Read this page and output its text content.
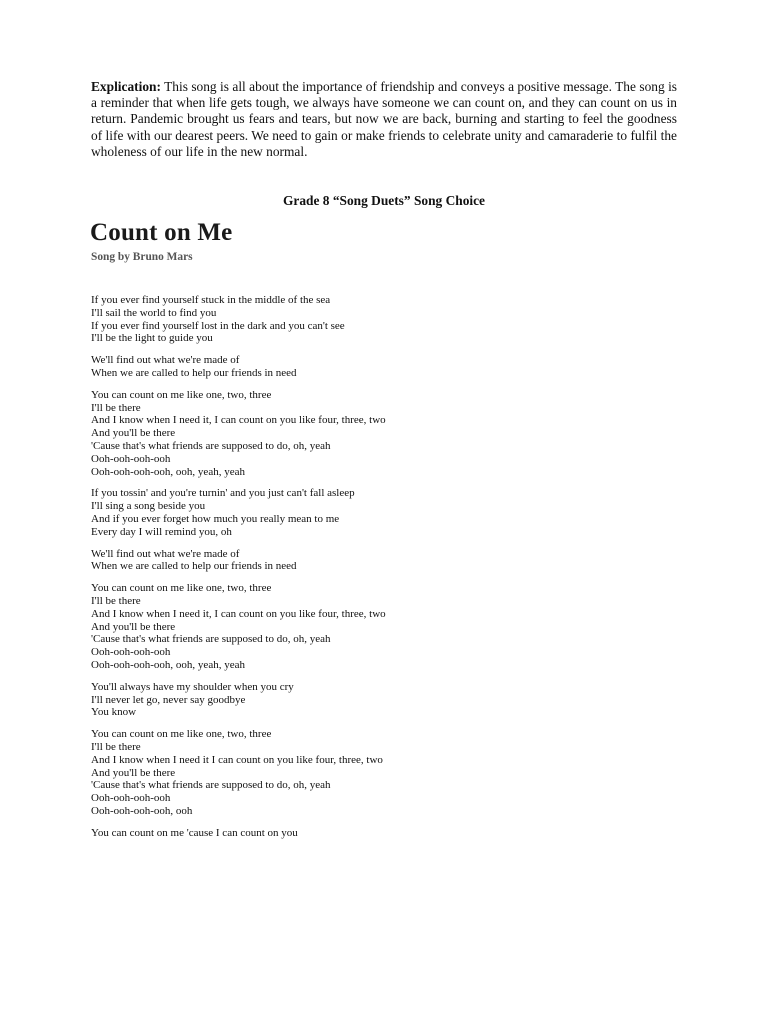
Explication: This song is all about the importance of friendship and conveys a positive message. The song is a reminder that when life gets tough, we always have someone we can count on, and they can count on us in return. Pandemic brought us fears and tears, but now we are back, burning and starting to feel the goodness of life with our dearest peers. We need to gain or make friends to celebrate unity and camaraderie to fulfil the wholeness of our life in the new normal.

Grade 8 “Song Duets” Song Choice

Count on Me

Song by Bruno Mars

If you ever find yourself stuck in the middle of the sea
I'll sail the world to find you
If you ever find yourself lost in the dark and you can't see
I'll be the light to guide you
We'll find out what we're made of
When we are called to help our friends in need
You can count on me like one, two, three
I'll be there
And I know when I need it, I can count on you like four, three, two
And you'll be there
'Cause that's what friends are supposed to do, oh, yeah
Ooh-ooh-ooh-ooh
Ooh-ooh-ooh-ooh, ooh, yeah, yeah
If you tossin' and you're turnin' and you just can't fall asleep
I'll sing a song beside you
And if you ever forget how much you really mean to me
Every day I will remind you, oh
We'll find out what we're made of
When we are called to help our friends in need
You can count on me like one, two, three
I'll be there
And I know when I need it, I can count on you like four, three, two
And you'll be there
'Cause that's what friends are supposed to do, oh, yeah
Ooh-ooh-ooh-ooh
Ooh-ooh-ooh-ooh, ooh, yeah, yeah
You'll always have my shoulder when you cry
I'll never let go, never say goodbye
You know
You can count on me like one, two, three
I'll be there
And I know when I need it I can count on you like four, three, two
And you'll be there
'Cause that's what friends are supposed to do, oh, yeah
Ooh-ooh-ooh-ooh
Ooh-ooh-ooh-ooh, ooh
You can count on me 'cause I can count on you
